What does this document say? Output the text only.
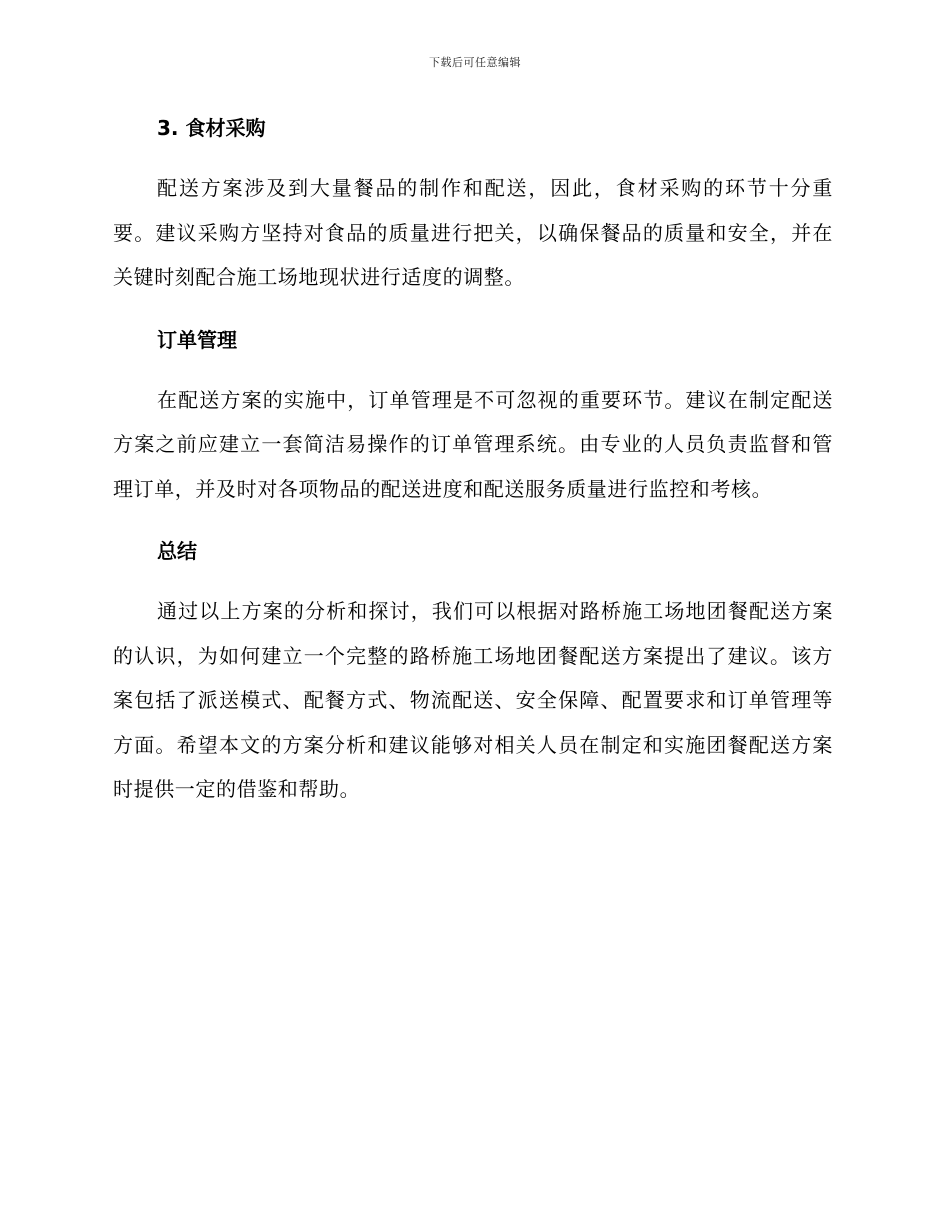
下载后可任意编辑
3. 食材采购

配送方案涉及到大量餐品的制作和配送，因此，食材采购的环节十分重要。建议采购方坚持对食品的质量进行把关，以确保餐品的质量和安全，并在关键时刻配合施工场地现状进行适度的调整。

订单管理

在配送方案的实施中，订单管理是不可忽视的重要环节。建议在制定配送方案之前应建立一套简洁易操作的订单管理系统。由专业的人员负责监督和管理订单，并及时对各项物品的配送进度和配送服务质量进行监控和考核。

总结

通过以上方案的分析和探讨，我们可以根据对路桥施工场地团餐配送方案的认识，为如何建立一个完整的路桥施工场地团餐配送方案提出了建议。该方案包括了派送模式、配餐方式、物流配送、安全保障、配置要求和订单管理等方面。希望本文的方案分析和建议能够对相关人员在制定和实施团餐配送方案时提供一定的借鉴和帮助。
